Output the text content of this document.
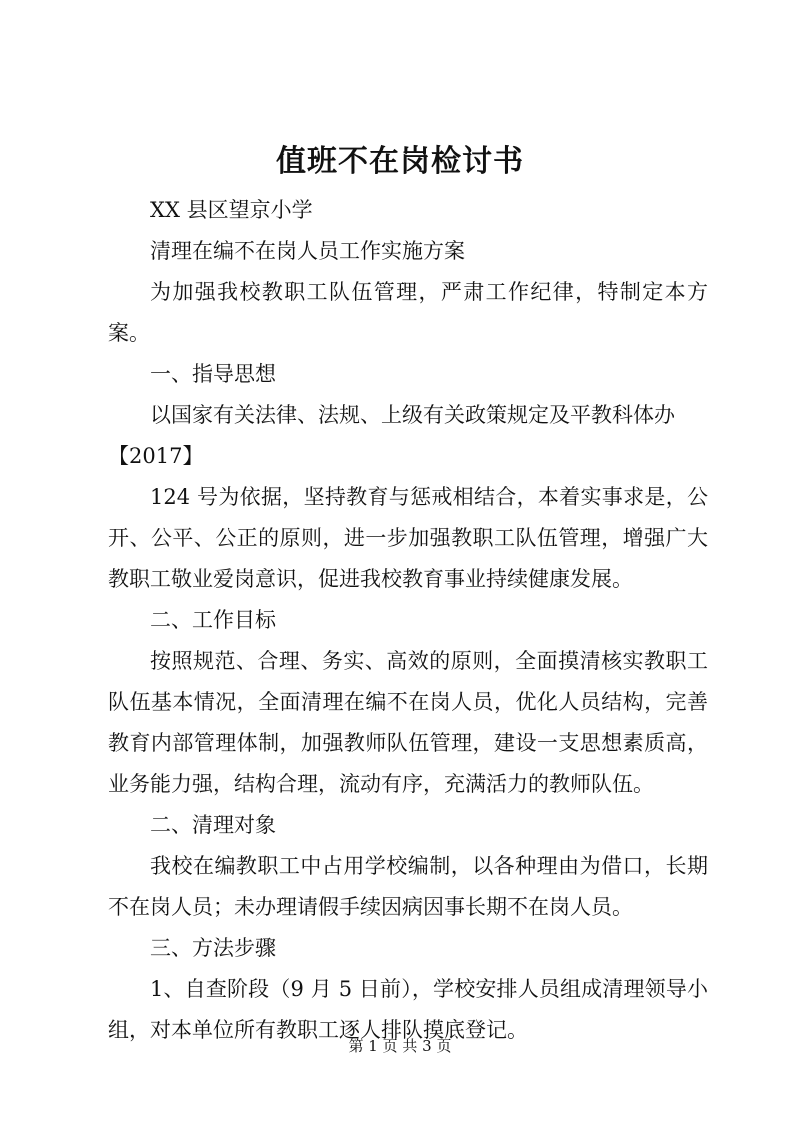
值班不在岗检讨书

XX 县区望京小学

清理在编不在岗人员工作实施方案

为加强我校教职工队伍管理，严肃工作纪律，特制定本方案。

一、指导思想

以国家有关法律、法规、上级有关政策规定及平教科体办

【2017】

124 号为依据，坚持教育与惩戒相结合，本着实事求是，公开、公平、公正的原则，进一步加强教职工队伍管理，增强广大教职工敬业爱岗意识，促进我校教育事业持续健康发展。

二、工作目标

按照规范、合理、务实、高效的原则，全面摸清核实教职工队伍基本情况，全面清理在编不在岗人员，优化人员结构，完善教育内部管理体制，加强教师队伍管理，建设一支思想素质高，业务能力强，结构合理，流动有序，充满活力的教师队伍。

二、清理对象

我校在编教职工中占用学校编制，以各种理由为借口，长期不在岗人员；未办理请假手续因病因事长期不在岗人员。

三、方法步骤

1、自查阶段（9 月 5 日前），学校安排人员组成清理领导小组，对本单位所有教职工逐人排队摸底登记。

第 1 页 共 3 页
